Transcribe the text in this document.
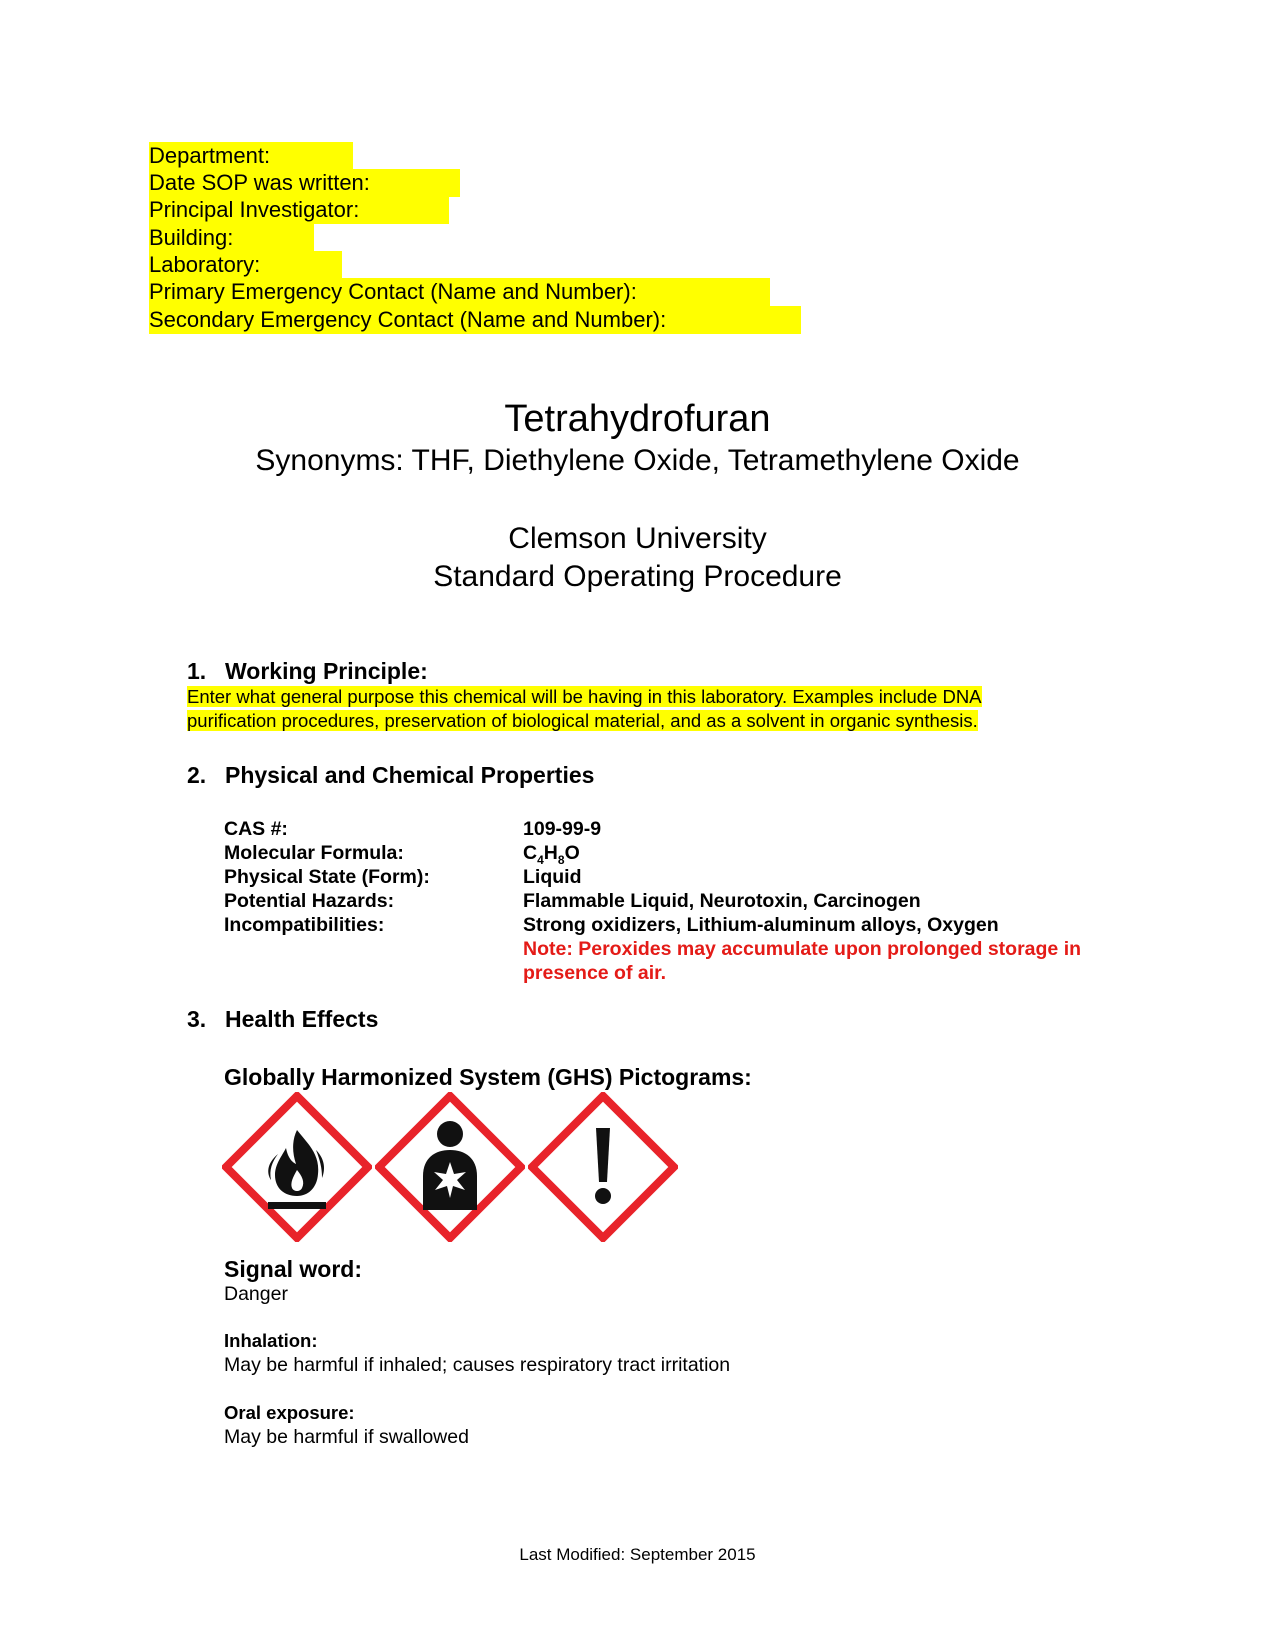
Department:
Date SOP was written:
Principal Investigator:
Building:
Laboratory:
Primary Emergency Contact (Name and Number):
Secondary Emergency Contact (Name and Number):
Tetrahydrofuran
Synonyms: THF, Diethylene Oxide, Tetramethylene Oxide
Clemson University
Standard Operating Procedure
1. Working Principle:
Enter what general purpose this chemical will be having in this laboratory. Examples include DNA
purification procedures, preservation of biological material, and as a solvent in organic synthesis.
2. Physical and Chemical Properties
CAS #:
Molecular Formula:
Physical State (Form):
Potential Hazards:
Incompatibilities:
109-99-9
$C_4H_8O$
Liquid
Flammable Liquid, Neurotoxin, Carcinogen
Strong oxidizers, Lithium-aluminum alloys, Oxygen
Note: Peroxides may accumulate upon prolonged storage in presence of air.
3. Health Effects
Globally Harmonized System (GHS) Pictograms:
Signal word:
Danger
Inhalation:
May be harmful if inhaled; causes respiratory tract irritation
Oral exposure:
May be harmful if swallowed
Last Modified: September 2015
